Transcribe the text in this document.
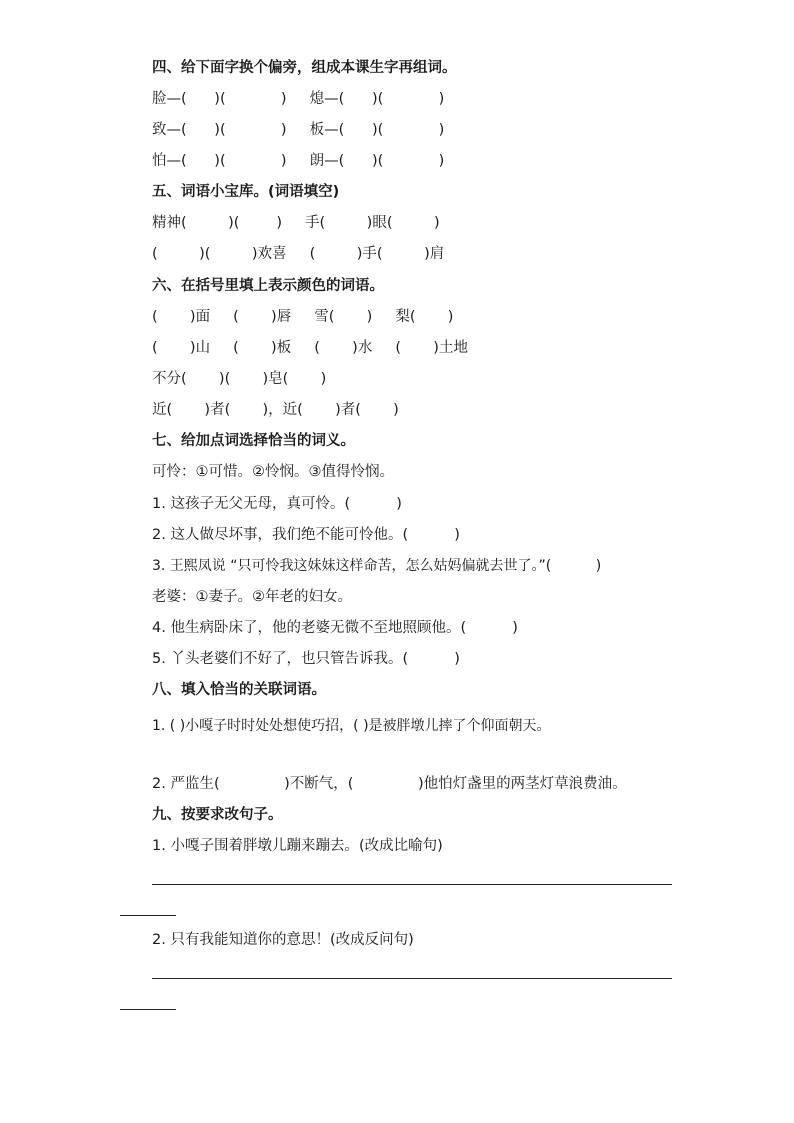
四、给下面字换个偏旁，组成本课生字再组词。
脸—(      )(            )     熄—(      )(            )
致—(      )(            )     板—(      )(            )
怕—(      )(            )     朗—(      )(            )
五、词语小宝库。(词语填空)
精神(         )(        )     手(         )眼(         )
(         )(         )欢喜     (         )手(         )肩
六、在括号里填上表示颜色的词语。
(       )面     (       )唇     雪(       )     梨(       )
(       )山     (       )板     (       )水     (       )土地
不分(       )(       )皂(       )
近(       )者(       )，近(       )者(       )
七、给加点词选择恰当的词义。
可怜：①可惜。②怜悯。③值得怜悯。
1. 这孩子无父无母，真可怜。(          )
2. 这人做尽坏事，我们绝不能可怜他。(          )
3. 王熙凤说 “只可怜我这妹妹这样命苦，怎么姑妈偏就去世了。”(          )
老婆：①妻子。②年老的妇女。
4. 他生病卧床了，他的老婆无微不至地照顾他。(          )
5. 丫头老婆们不好了，也只管告诉我。(          )
八、填入恰当的关联词语。
1. ( )小嘎子时时处处想使巧招，( )是被胖墩儿摔了个仰面朝天。
2. 严监生(              )不断气，(              )他怕灯盏里的两茎灯草浪费油。
九、按要求改句子。
1. 小嘎子围着胖墩儿蹦来蹦去。(改成比喻句)
2. 只有我能知道你的意思！(改成反问句)
